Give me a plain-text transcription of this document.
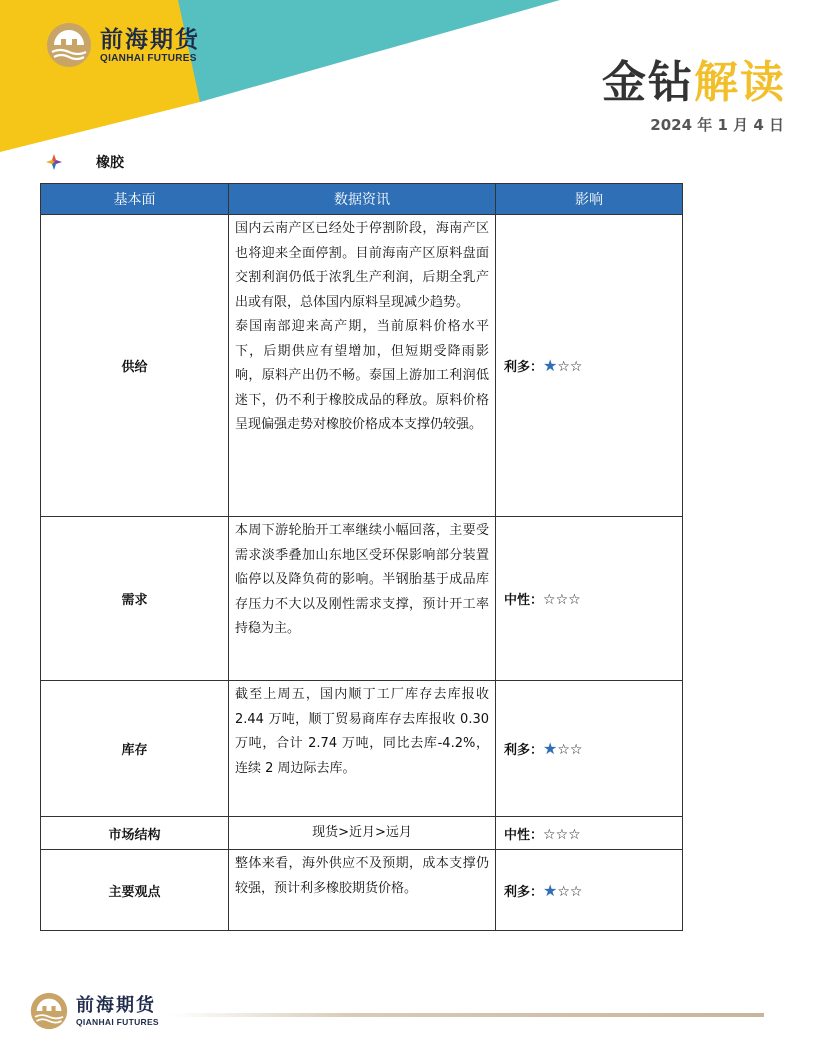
前海期货
QIANHAI FUTURES	金钻解读
2024 年 1 月 4 日
橡胶
基本面	数据资讯	影响
供给	国内云南产区已经处于停割阶段，海南产区也将迎来全面停割。目前海南产区原料盘面交割利润仍低于浓乳生产利润，后期全乳产出或有限，总体国内原料呈现减少趋势。

泰国南部迎来高产期，当前原料价格水平下，后期供应有望增加，但短期受降雨影响，原料产出仍不畅。泰国上游加工利润低迷下，仍不利于橡胶成品的释放。原料价格呈现偏强走势对橡胶价格成本支撑仍较强。	利多：★☆☆
需求	本周下游轮胎开工率继续小幅回落，主要受需求淡季叠加山东地区受环保影响部分装置临停以及降负荷的影响。半钢胎基于成品库存压力不大以及刚性需求支撑，预计开工率持稳为主。	中性：☆☆☆
库存	截至上周五，国内顺丁工厂库存去库报收 2.44 万吨，顺丁贸易商库存去库报收 0.30 万吨，合计 2.74 万吨，同比去库-4.2%，连续 2 周边际去库。	利多：★☆☆
市场结构	现货>近月>远月	中性：☆☆☆
主要观点	整体来看，海外供应不及预期，成本支撑仍较强，预计利多橡胶期货价格。	利多：★☆☆
前海期货
QIANHAI FUTURES
